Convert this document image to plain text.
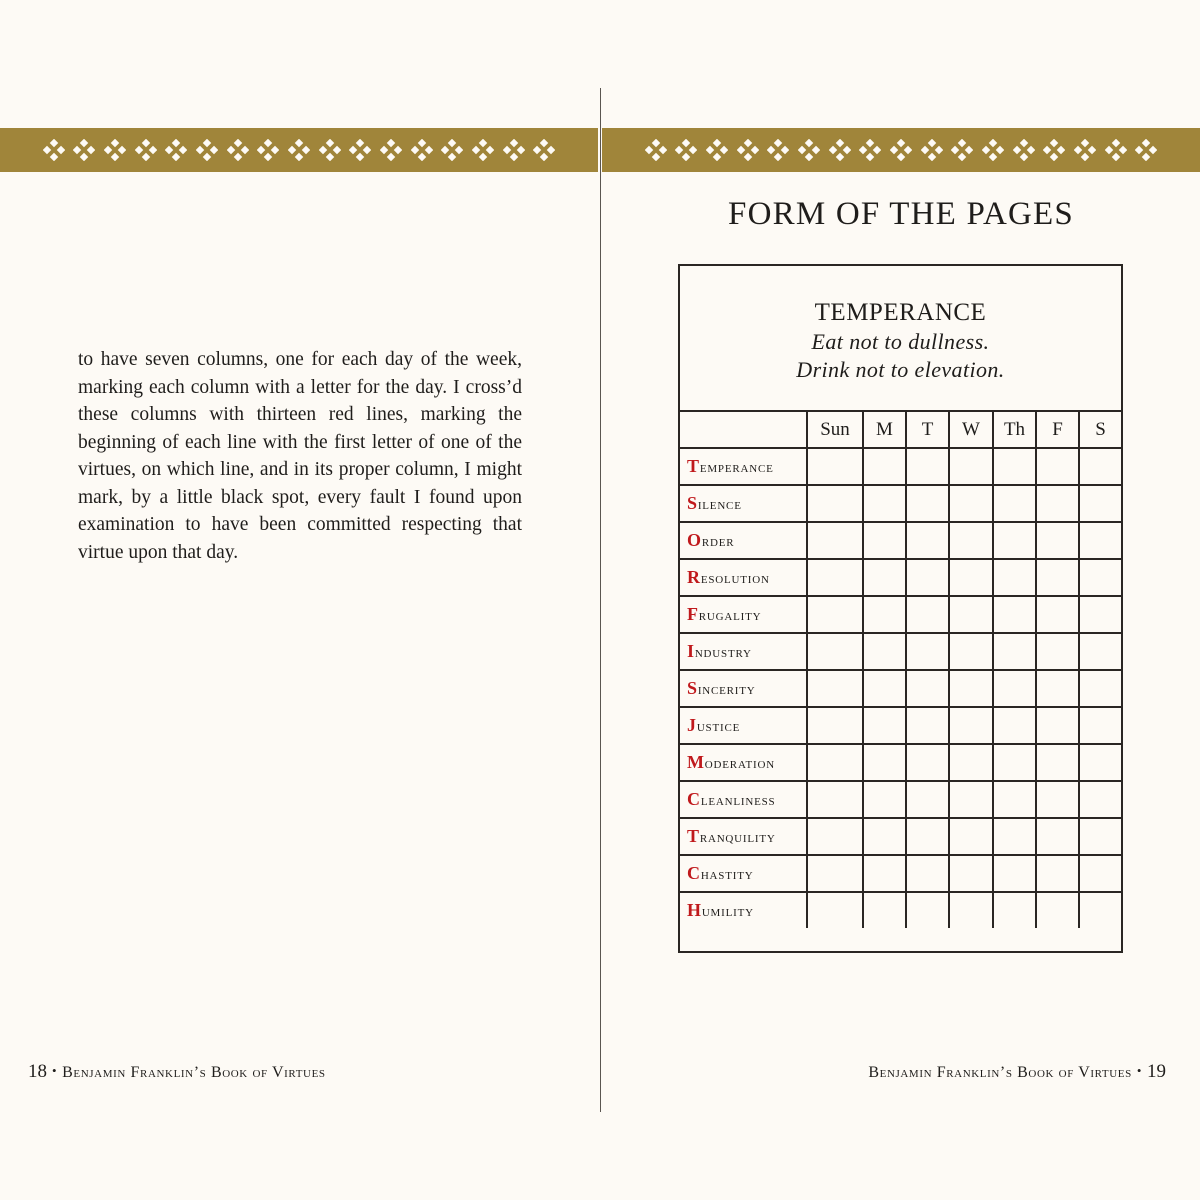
to have seven columns, one for each day of the week, marking each column with a letter for the day. I cross’d these columns with thirteen red lines, marking the beginning of each line with the first letter of one of the virtues, on which line, and in its proper column, I might mark, by a little black spot, every fault I found upon examination to have been committed respecting that virtue upon that day.

18 • Benjamin Franklin’s Book of Virtues
FORM OF THE PAGES
TEMPERANCE
Eat not to dullness.
Drink not to elevation.
	Sun	M	T	W	Th	F	S
Temperance							
Silence							
Order							
Resolution							
Frugality							
Industry							
Sincerity							
Justice							
Moderation							
Cleanliness							
Tranquility							
Chastity							
Humility							
Benjamin Franklin’s Book of Virtues • 19
